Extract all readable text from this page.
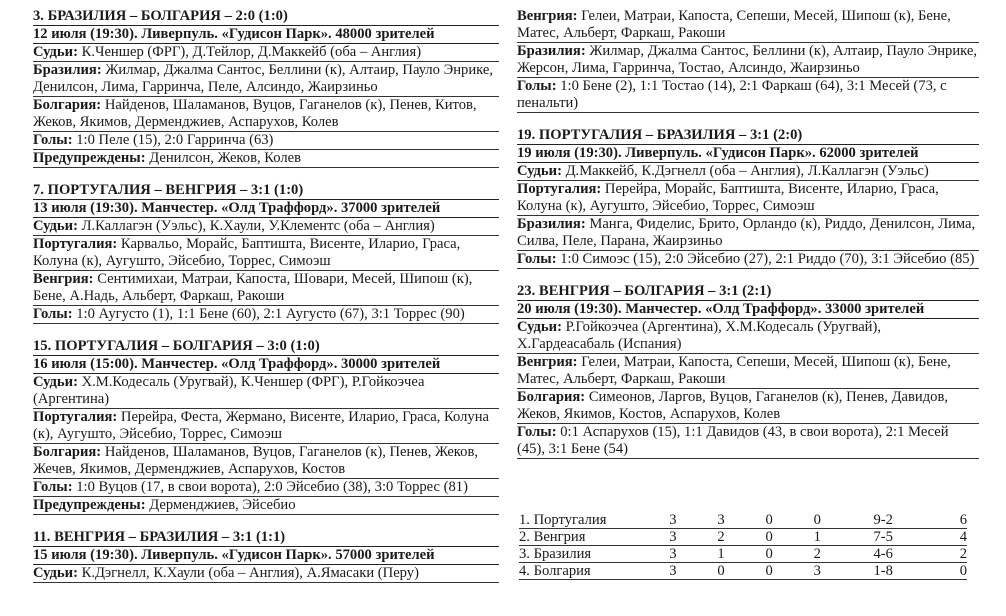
3. БРАЗИЛИЯ – БОЛГАРИЯ – 2:0 (1:0)
12 июля (19:30). Ливерпуль. «Гудисон Парк». 48000 зрителей
Судьи : К.Ченшер (ФРГ), Д.Тейлор, Д.Маккейб (оба – Англия)
Бразилия : Жилмар, Джалма Сантос, Беллини (к), Алтаир, Пауло Энрике, Денилсон, Лима, Гарринча, Пеле, Алсиндо, Жаирзиньо
Болгария : Найденов, Шаламанов, Вуцов, Гаганелов (к), Пенев, Китов, Жеков, Якимов, Дерменджиев, Аспарухов, Колев
Голы : 1:0 Пеле (15), 2:0 Гарринча (63)
Предупреждены : Денилсон, Жеков, Колев
7. ПОРТУГАЛИЯ – ВЕНГРИЯ – 3:1 (1:0)
13 июля (19:30). Манчестер. «Олд Траффорд». 37000 зрителей
Судьи : Л.Каллагэн (Уэльс), К.Хаули, У.Клементс (оба – Англия)
Португалия : Карвальо, Морайс, Баптишта, Висенте, Иларио, Граса, Колуна (к), Аугушто, Эйсебио, Торрес, Симоэш
Венгрия : Сентимихаи, Матраи, Капоста, Шовари, Месей, Шипош (к), Бене, А.Надь, Альберт, Фаркаш, Ракоши
Голы : 1:0 Аугусто (1), 1:1 Бене (60), 2:1 Аугусто (67), 3:1 Торрес (90)
15. ПОРТУГАЛИЯ – БОЛГАРИЯ – 3:0 (1:0)
16 июля (15:00). Манчестер. «Олд Траффорд». 30000 зрителей
Судьи : Х.М.Кодесаль (Уругвай), К.Ченшер (ФРГ), Р.Гойкоэчеа (Аргентина)
Португалия : Перейра, Феста, Жермано, Висенте, Иларио, Граса, Колуна (к), Аугушто, Эйсебио, Торрес, Симоэш
Болгария : Найденов, Шаламанов, Вуцов, Гаганелов (к), Пенев, Жеков, Жечев, Якимов, Дерменджиев, Аспарухов, Костов
Голы : 1:0 Вуцов (17, в свои ворота), 2:0 Эйсебио (38), 3:0 Торрес (81)
Предупреждены : Дерменджиев, Эйсебио
11. ВЕНГРИЯ – БРАЗИЛИЯ – 3:1 (1:1)
15 июля (19:30). Ливерпуль. «Гудисон Парк». 57000 зрителей
Судьи : К.Дэгнелл, К.Хаули (оба – Англия), А.Ямасаки (Перу)
Венгрия : Гелеи, Матраи, Капоста, Сепеши, Месей, Шипош (к), Бене, Матес, Альберт, Фаркаш, Ракоши
Бразилия : Жилмар, Джалма Сантос, Беллини (к), Алтаир, Пауло Энрике, Жерсон, Лима, Гарринча, Тостао, Алсиндо, Жаирзиньо
Голы : 1:0 Бене (2), 1:1 Тостао (14), 2:1 Фаркаш (64), 3:1 Месей (73, с пенальти)
19. ПОРТУГАЛИЯ – БРАЗИЛИЯ – 3:1 (2:0)
19 июля (19:30). Ливерпуль. «Гудисон Парк». 62000 зрителей
Судьи : Д.Маккейб, К.Дэгнелл (оба – Англия), Л.Каллагэн (Уэльс)
Португалия : Перейра, Морайс, Баптишта, Висенте, Иларио, Граса, Колуна (к), Аугушто, Эйсебио, Торрес, Симоэш
Бразилия : Манга, Фиделис, Брито, Орландо (к), Риддо, Денилсон, Лима, Силва, Пеле, Парана, Жаирзиньо
Голы : 1:0 Симоэс (15), 2:0 Эйсебио (27), 2:1 Риддо (70), 3:1 Эйсебио (85)
23. ВЕНГРИЯ – БОЛГАРИЯ – 3:1 (2:1)
20 июля (19:30). Манчестер. «Олд Траффорд». 33000 зрителей
Судьи : Р.Гойкоэчеа (Аргентина), Х.М.Кодесаль (Уругвай), Х.Гардеасабаль (Испания)
Венгрия : Гелеи, Матраи, Капоста, Сепеши, Месей, Шипош (к), Бене, Матес, Альберт, Фаркаш, Ракоши
Болгария : Симеонов, Ларгов, Вуцов, Гаганелов (к), Пенев, Давидов, Жеков, Якимов, Костов, Аспарухов, Колев
Голы : 0:1 Аспарухов (15), 1:1 Давидов (43, в свои ворота), 2:1 Месей (45), 3:1 Бене (54)
1. Португалия	3	3	0	0	9-2	6
2. Венгрия	3	2	0	1	7-5	4
3. Бразилия	3	1	0	2	4-6	2
4. Болгария	3	0	0	3	1-8	0
